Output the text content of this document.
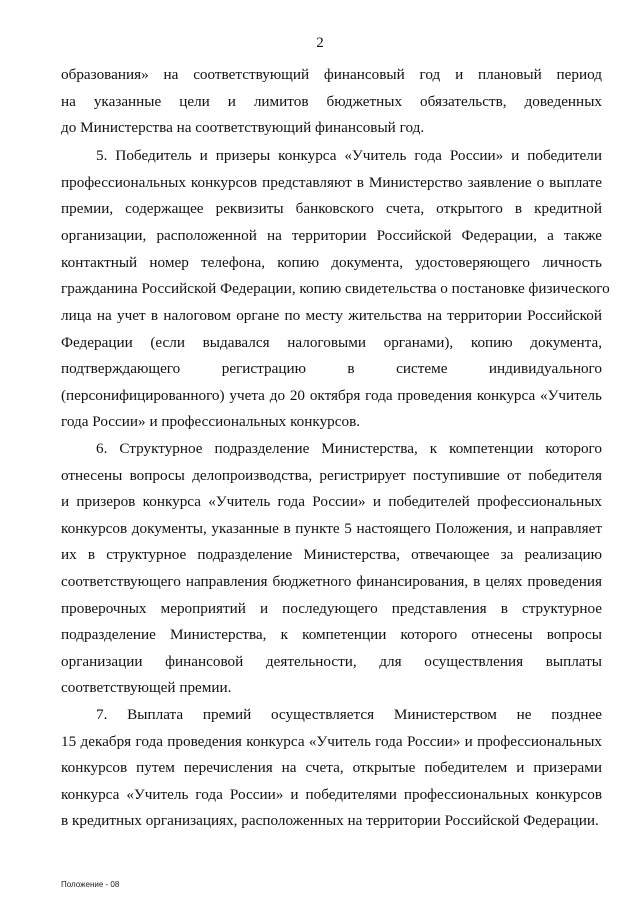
2
образования» на соответствующий финансовый год и плановый период
на указанные цели и лимитов бюджетных обязательств, доведенных
до Министерства на соответствующий финансовый год.
5. Победитель и призеры конкурса «Учитель года России» и победители
профессиональных конкурсов представляют в Министерство заявление о выплате
премии, содержащее реквизиты банковского счета, открытого в кредитной
организации, расположенной на территории Российской Федерации, а также
контактный номер телефона, копию документа, удостоверяющего личность
гражданина Российской Федерации, копию свидетельства о постановке физического
лица на учет в налоговом органе по месту жительства на территории Российской
Федерации (если выдавался налоговыми органами), копию документа,
подтверждающего регистрацию в системе индивидуального
(персонифицированного) учета до 20 октября года проведения конкурса «Учитель
года России» и профессиональных конкурсов.
6. Структурное подразделение Министерства, к компетенции которого
отнесены вопросы делопроизводства, регистрирует поступившие от победителя
и призеров конкурса «Учитель года России» и победителей профессиональных
конкурсов документы, указанные в пункте 5 настоящего Положения, и направляет
их в структурное подразделение Министерства, отвечающее за реализацию
соответствующего направления бюджетного финансирования, в целях проведения
проверочных мероприятий и последующего представления в структурное
подразделение Министерства, к компетенции которого отнесены вопросы
организации финансовой деятельности, для осуществления выплаты
соответствующей премии.
7. Выплата премий осуществляется Министерством не позднее
15 декабря года проведения конкурса «Учитель года России» и профессиональных
конкурсов путем перечисления на счета, открытые победителем и призерами
конкурса «Учитель года России» и победителями профессиональных конкурсов
в кредитных организациях, расположенных на территории Российской Федерации.
Положение - 08
